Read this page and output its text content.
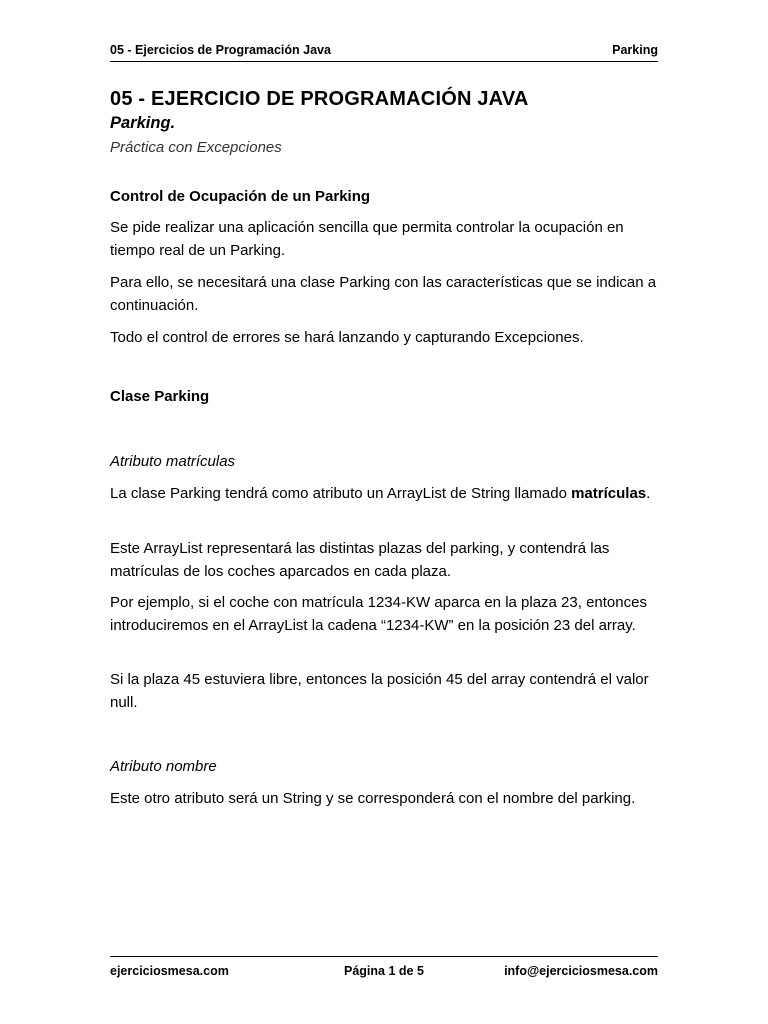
05 - Ejercicios de Programación Java	Parking
05 - EJERCICIO DE PROGRAMACIÓN JAVA
Parking.
Práctica con Excepciones
Control de Ocupación de un Parking
Se pide realizar una aplicación sencilla que permita controlar la ocupación en tiempo real de un Parking.
Para ello, se necesitará una clase Parking con las características que se indican a continuación.
Todo el control de errores se hará lanzando y capturando Excepciones.
Clase Parking
Atributo matrículas
La clase Parking tendrá como atributo un ArrayList de String llamado matrículas.
Este ArrayList representará las distintas plazas del parking, y contendrá las matrículas de los coches aparcados en cada plaza.
Por ejemplo, si el coche con matrícula 1234-KW aparca en la plaza 23, entonces introduciremos en el ArrayList la cadena “1234-KW” en la posición 23 del array.
Si la plaza 45 estuviera libre, entonces la posición 45 del array contendrá el valor null.
Atributo nombre
Este otro atributo será un String y se corresponderá con el nombre del parking.
ejerciciosmesa.com	Página 1 de 5	info@ejerciciosmesa.com
